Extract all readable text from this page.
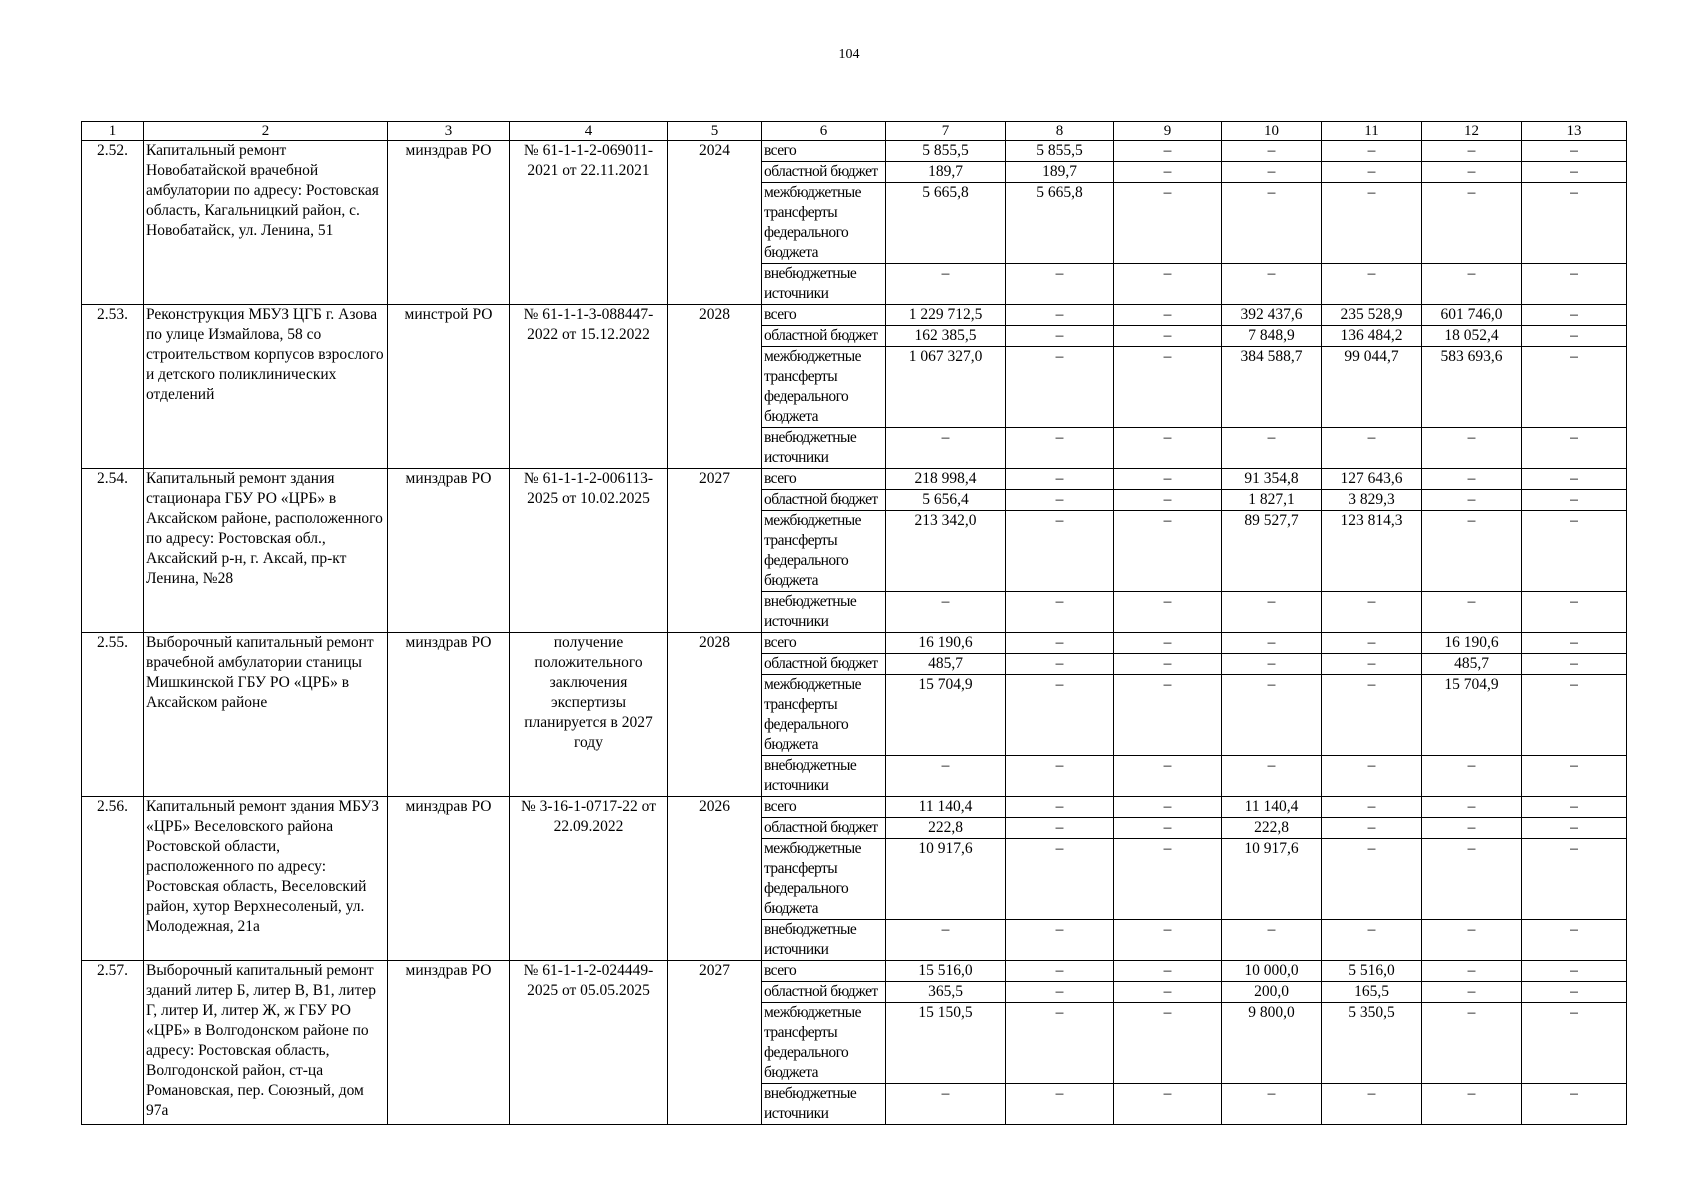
104
1	2	3	4	5	6	7	8	9	10	11	12	13
2.52.	Капитальный ремонт Новобатайской врачебной амбулатории по адресу: Ростовская область, Кагальницкий район, с. Новобатайск, ул. Ленина, 51	минздрав РО	№ 61-1-1-2-069011-2021 от 22.11.2021	2024	всего	5 855,5	5 855,5	–	–	–	–	–
					областной бюджет	189,7	189,7	–	–	–	–	–
					межбюджетные трансферты федерального бюджета	5 665,8	5 665,8	–	–	–	–	–
					внебюджетные источники	–	–	–	–	–	–	–
2.53.	Реконструкция МБУЗ ЦГБ г. Азова по улице Измайлова, 58 со строительством корпусов взрослого и детского поликлинических отделений	минстрой РО	№ 61-1-1-3-088447-2022 от 15.12.2022	2028	всего	1 229 712,5	–	–	392 437,6	235 528,9	601 746,0	–
					областной бюджет	162 385,5	–	–	7 848,9	136 484,2	18 052,4	–
					межбюджетные трансферты федерального бюджета	1 067 327,0	–	–	384 588,7	99 044,7	583 693,6	–
					внебюджетные источники	–	–	–	–	–	–	–
2.54.	Капитальный ремонт здания стационара ГБУ РО «ЦРБ» в Аксайском районе, расположенного по адресу: Ростовская обл., Аксайский р-н, г. Аксай, пр-кт Ленина, №28	минздрав РО	№ 61-1-1-2-006113-2025 от 10.02.2025	2027	всего	218 998,4	–	–	91 354,8	127 643,6	–	–
					областной бюджет	5 656,4	–	–	1 827,1	3 829,3	–	–
					межбюджетные трансферты федерального бюджета	213 342,0	–	–	89 527,7	123 814,3	–	–
					внебюджетные источники	–	–	–	–	–	–	–
2.55.	Выборочный капитальный ремонт врачебной амбулатории станицы Мишкинской ГБУ РО «ЦРБ» в Аксайском районе	минздрав РО	получение положительного заключения экспертизы планируется в 2027 году	2028	всего	16 190,6	–	–	–	–	16 190,6	–
					областной бюджет	485,7	–	–	–	–	485,7	–
					межбюджетные трансферты федерального бюджета	15 704,9	–	–	–	–	15 704,9	–
					внебюджетные источники	–	–	–	–	–	–	–
2.56.	Капитальный ремонт здания МБУЗ «ЦРБ» Веселовского района Ростовской области, расположенного по адресу: Ростовская область, Веселовский район, хутор Верхнесоленый, ул. Молодежная, 21а	минздрав РО	№ 3-16-1-0717-22 от 22.09.2022	2026	всего	11 140,4	–	–	11 140,4	–	–	–
					областной бюджет	222,8	–	–	222,8	–	–	–
					межбюджетные трансферты федерального бюджета	10 917,6	–	–	10 917,6	–	–	–
					внебюджетные источники	–	–	–	–	–	–	–
2.57.	Выборочный капитальный ремонт зданий литер Б, литер В, В1, литер Г, литер И, литер Ж, ж ГБУ РО «ЦРБ» в Волгодонском районе по адресу: Ростовская область, Волгодонской район, ст-ца Романовская, пер. Союзный, дом 97а	минздрав РО	№ 61-1-1-2-024449-2025 от 05.05.2025	2027	всего	15 516,0	–	–	10 000,0	5 516,0	–	–
					областной бюджет	365,5	–	–	200,0	165,5	–	–
					межбюджетные трансферты федерального бюджета	15 150,5	–	–	9 800,0	5 350,5	–	–
					внебюджетные источники	–	–	–	–	–	–	–
